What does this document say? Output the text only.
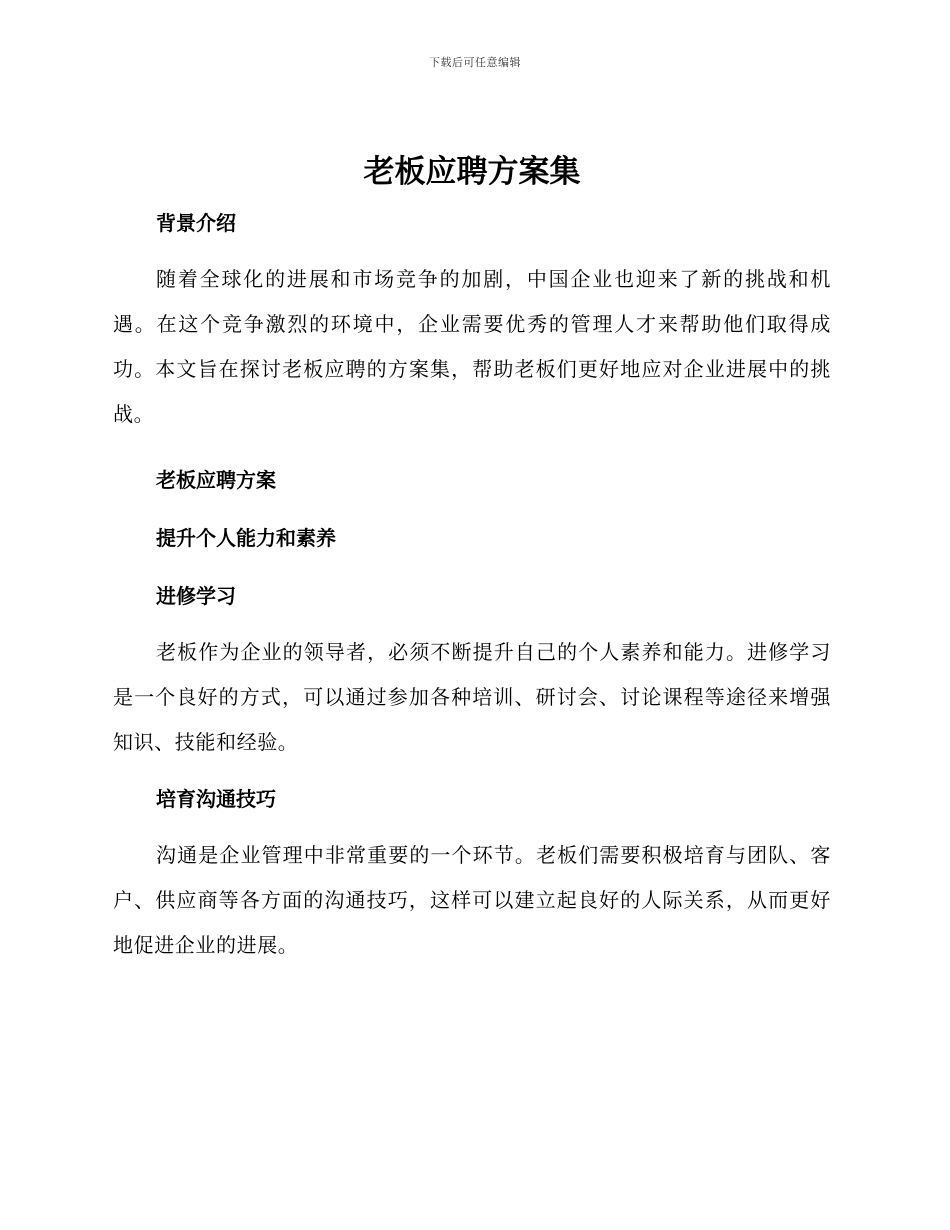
下载后可任意编辑
老板应聘方案集
背景介绍

随着全球化的进展和市场竞争的加剧，中国企业也迎来了新的挑战和机遇。在这个竞争激烈的环境中，企业需要优秀的管理人才来帮助他们取得成功。本文旨在探讨老板应聘的方案集，帮助老板们更好地应对企业进展中的挑战。

老板应聘方案
提升个人能力和素养
进修学习

老板作为企业的领导者，必须不断提升自己的个人素养和能力。进修学习是一个良好的方式，可以通过参加各种培训、研讨会、讨论课程等途径来增强知识、技能和经验。

培育沟通技巧

沟通是企业管理中非常重要的一个环节。老板们需要积极培育与团队、客户、供应商等各方面的沟通技巧，这样可以建立起良好的人际关系，从而更好地促进企业的进展。
